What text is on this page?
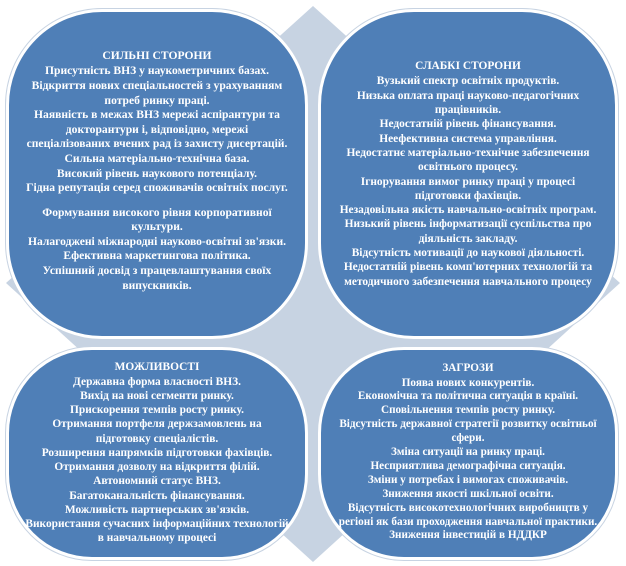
СИЛЬНІ СТОРОНИ
Присутність ВНЗ у наукометричних базах.
Відкриття нових спеціальностей з урахуванням потреб ринку праці.
Наявність в межах ВНЗ мережі аспірантури та докторантури і, відповідно, мережі спеціалізованих вчених рад із захисту дисертацій.
Сильна матеріально-технічна база.
Високий рівень наукового потенціалу.
Гідна репутація серед споживачів освітніх послуг.
Формування високого рівня корпоративної культури.
Налагоджені міжнародні науково-освітні зв'язки.
Ефективна маркетингова політика.
Успішний досвід з працевлаштування своїх випускників.
СЛАБКІ СТОРОНИ
Вузький спектр освітніх продуктів.
Низька оплата праці науково-педагогічних працівників.
Недостатній рівень фінансування.
Неефективна система управління.
Недостатнє матеріально-технічне забезпечення освітнього процесу.
Ігнорування вимог ринку праці у процесі підготовки фахівців.
Незадовільна якість навчально-освітніх програм.
Низький рівень інформатизації суспільства про діяльність закладу.
Відсутність мотивації до наукової діяльності.
Недостатній рівень комп'ютерних технологій та методичного забезпечення навчального процесу
МОЖЛИВОСТІ
Державна форма власності ВНЗ.
Вихід на нові сегменти ринку.
Прискорення темпів росту ринку.
Отримання портфеля держзамовлень на підготовку спеціалістів.
Розширення напрямків підготовки фахівців. Отримання дозволу на відкриття філій. Автономний статус ВНЗ.
Багатоканальність фінансування.
Можливість партнерських зв'язків.
Використання сучасних інформаційних технологій в навчальному процесі
ЗАГРОЗИ
Поява нових конкурентів.
Економічна та політична ситуація в країні.
Сповільнення темпів росту ринку.
Відсутність державної стратегії розвитку освітньої сфери.
Зміна ситуації на ринку праці.
Несприятлива демографічна ситуація.
Зміни у потребах і вимогах споживачів.
Зниження якості шкільної освіти.
Відсутність високотехнологічних виробництв у регіоні як бази проходження навчальної практики.
Зниження інвестицій в НДДКР
